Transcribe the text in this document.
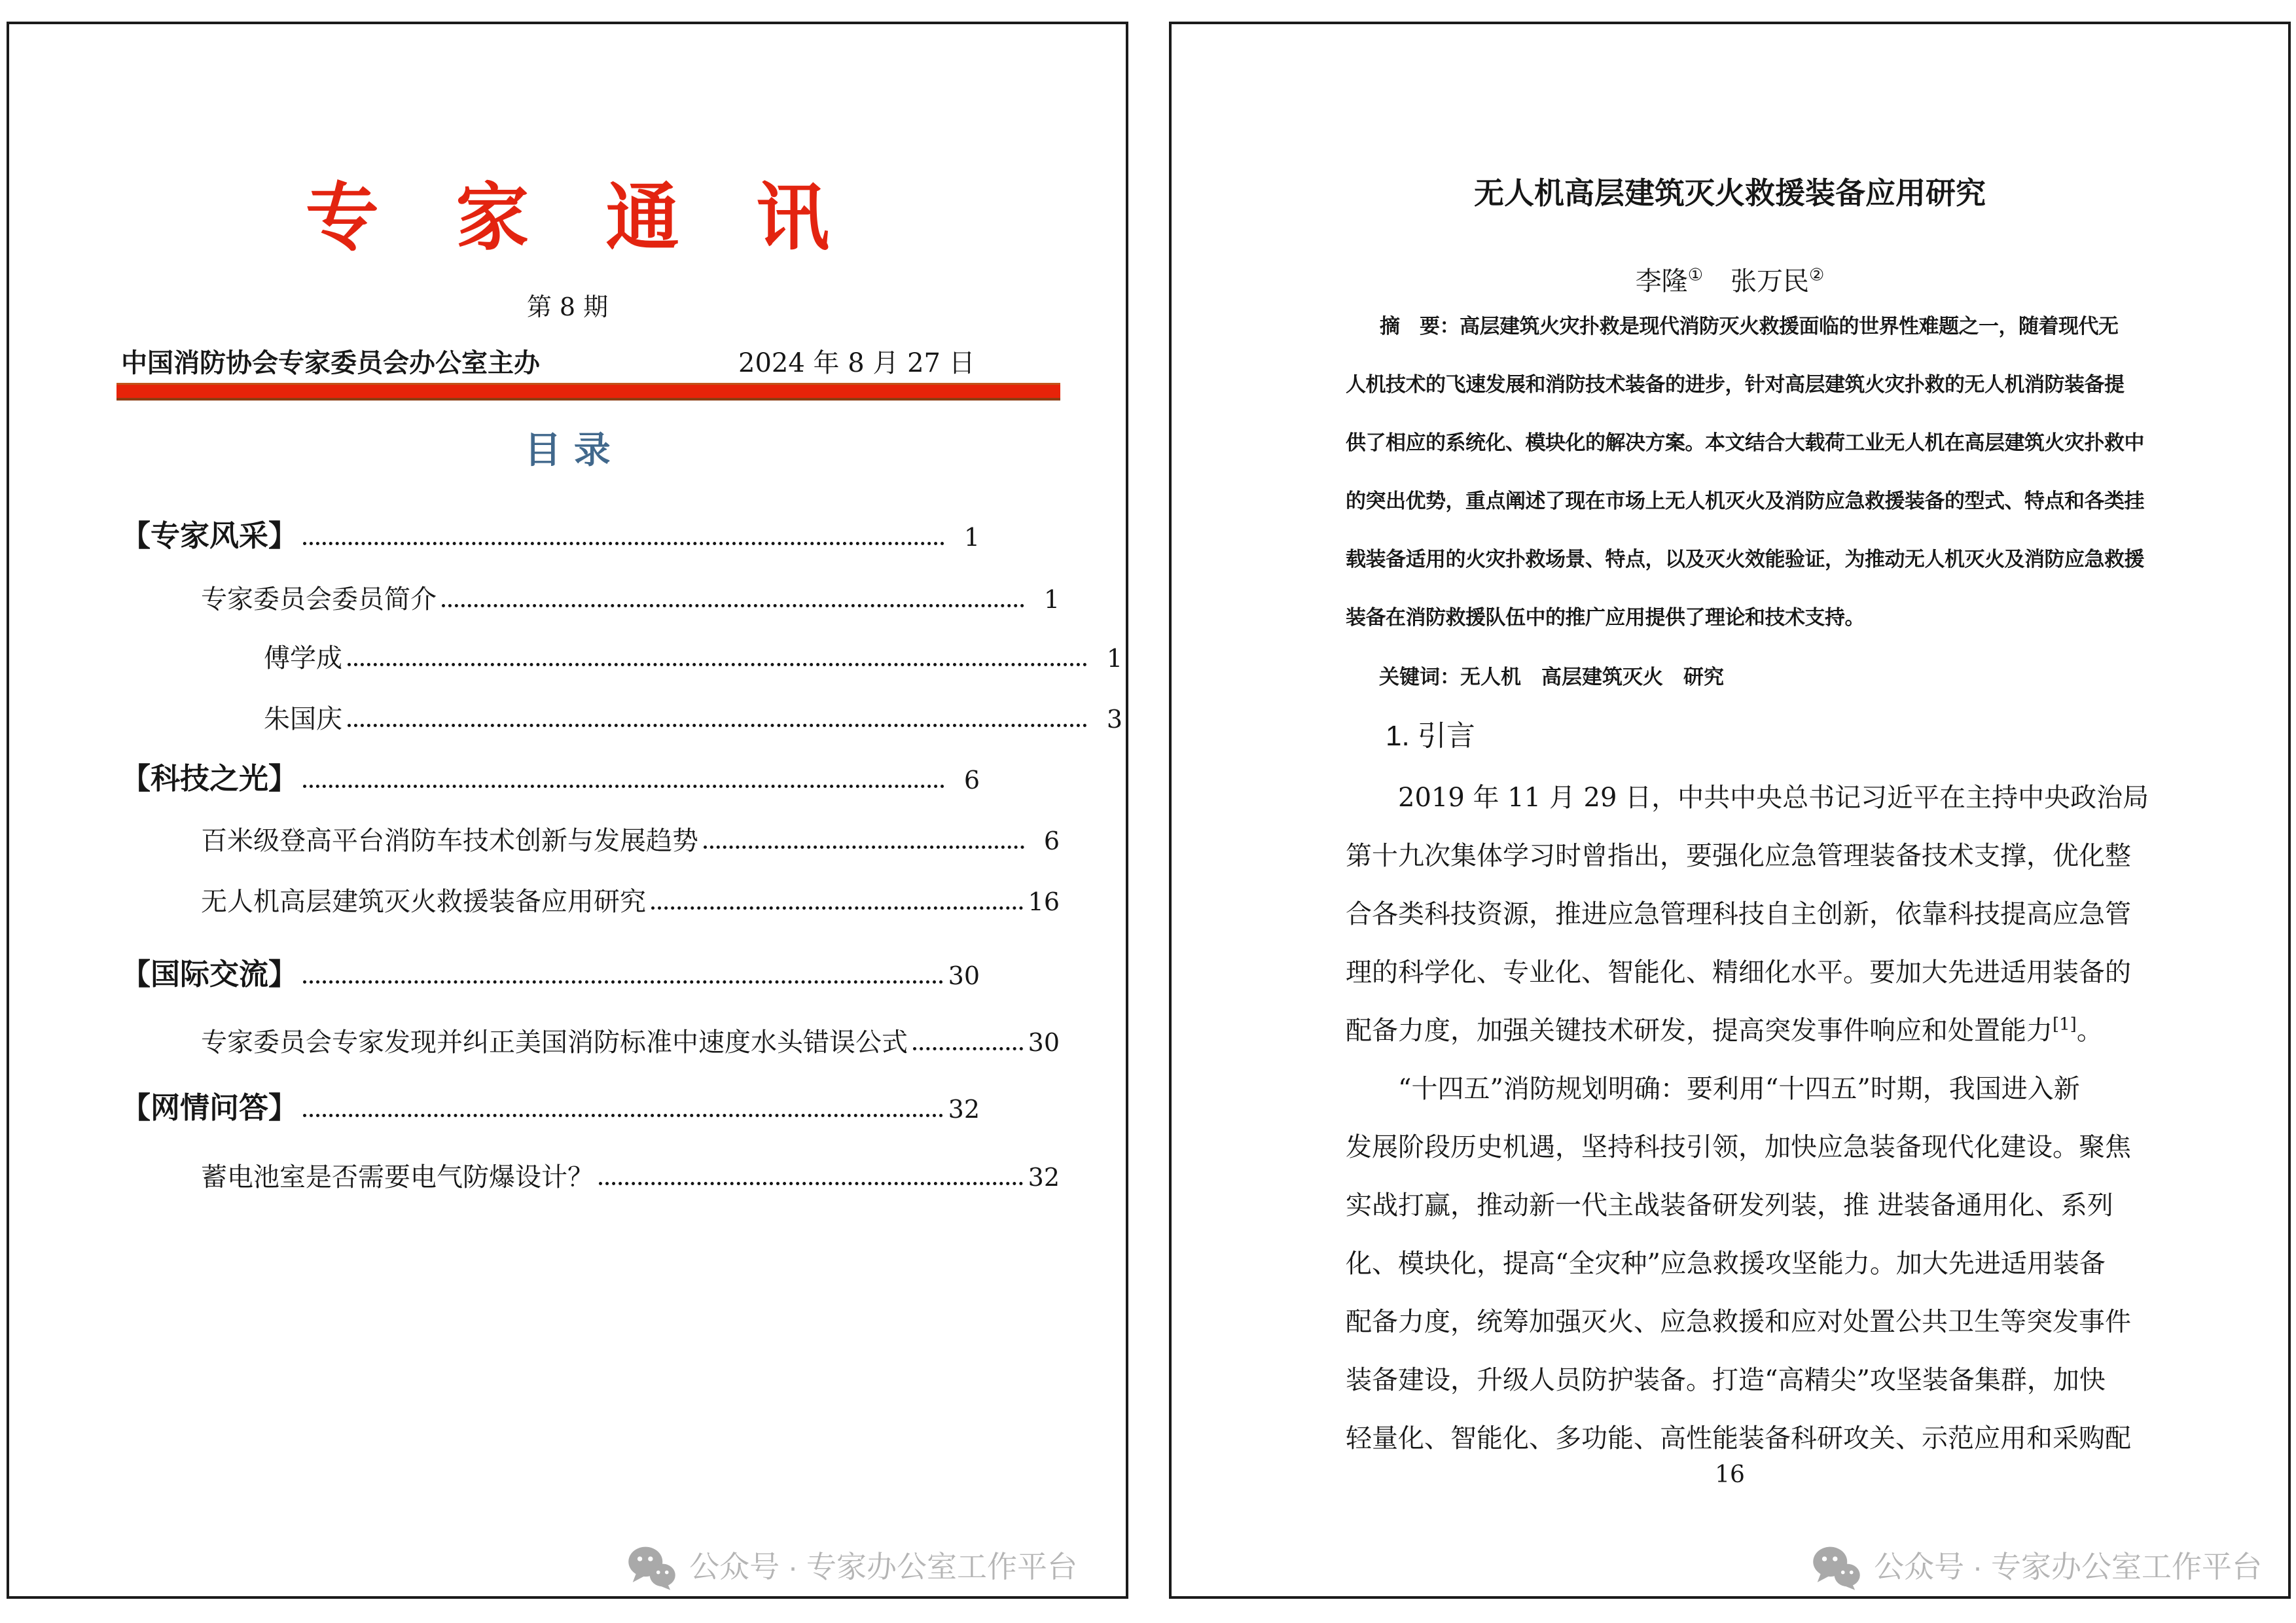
专 家 通 讯
第 8 期
中国消防协会专家委员会办公室主办	2024 年 8 月 27 日
目 录
【专家风采】	1
专家委员会委员简介	1
傅学成	1
朱国庆	3
【科技之光】	6
百米级登高平台消防车技术创新与发展趋势	6
无人机高层建筑灭火救援装备应用研究	16
【国际交流】	30
专家委员会专家发现并纠正美国消防标准中速度水头错误公式	30
【网情问答】	32
蓄电池室是否需要电气防爆设计？	32
公众号 · 专家办公室工作平台
无人机高层建筑灭火救援装备应用研究
李隆① 张万民②
摘　要：高层建筑火灾扑救是现代消防灭火救援面临的世界性难题之一，随着现代无
人机技术的飞速发展和消防技术装备的进步，针对高层建筑火灾扑救的无人机消防装备提
供了相应的系统化、模块化的解决方案。本文结合大载荷工业无人机在高层建筑火灾扑救中
的突出优势，重点阐述了现在市场上无人机灭火及消防应急救援装备的型式、特点和各类挂
载装备适用的火灾扑救场景、特点，以及灭火效能验证，为推动无人机灭火及消防应急救援
装备在消防救援队伍中的推广应用提供了理论和技术支持。
关键词：无人机　高层建筑灭火　研究
1. 引言
2019 年 11 月 29 日，中共中央总书记习近平在主持中央政治局
第十九次集体学习时曾指出，要强化应急管理装备技术支撑，优化整
合各类科技资源，推进应急管理科技自主创新，依靠科技提高应急管
理的科学化、专业化、智能化、精细化水平。要加大先进适用装备的
配备力度，加强关键技术研发，提高突发事件响应和处置能力[1]。
“十四五”消防规划明确：要利用“十四五”时期，我国进入新
发展阶段历史机遇，坚持科技引领，加快应急装备现代化建设。聚焦
实战打赢，推动新一代主战装备研发列装，推 进装备通用化、系列
化、模块化，提高“全灾种”应急救援攻坚能力。加大先进适用装备
配备力度，统筹加强灭火、应急救援和应对处置公共卫生等突发事件
装备建设，升级人员防护装备。打造“高精尖”攻坚装备集群，加快
轻量化、智能化、多功能、高性能装备科研攻关、示范应用和采购配
16
公众号 · 专家办公室工作平台
